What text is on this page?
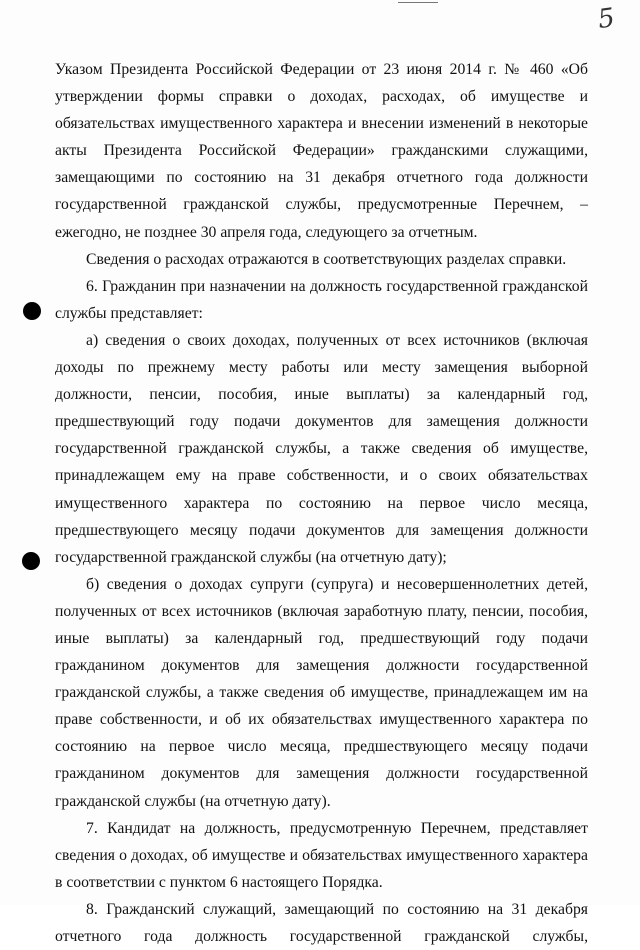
5

Указом Президента Российской Федерации от 23 июня 2014 г. № 460 «Об утверждении формы справки о доходах, расходах, об имуществе и обязательствах имущественного характера и внесении изменений в некоторые акты Президента Российской Федерации» гражданскими служащими, замещающими по состоянию на 31 декабря отчетного года должности государственной гражданской службы, предусмотренные Перечнем, – ежегодно, не позднее 30 апреля года, следующего за отчетным.

Сведения о расходах отражаются в соответствующих разделах справки.

6. Гражданин при назначении на должность государственной гражданской службы представляет:

а) сведения о своих доходах, полученных от всех источников (включая доходы по прежнему месту работы или месту замещения выборной должности, пенсии, пособия, иные выплаты) за календарный год, предшествующий году подачи документов для замещения должности государственной гражданской службы, а также сведения об имуществе, принадлежащем ему на праве собственности, и о своих обязательствах имущественного характера по состоянию на первое число месяца, предшествующего месяцу подачи документов для замещения должности государственной гражданской службы (на отчетную дату);

б) сведения о доходах супруги (супруга) и несовершеннолетних детей, полученных от всех источников (включая заработную плату, пенсии, пособия, иные выплаты) за календарный год, предшествующий году подачи гражданином документов для замещения должности государственной гражданской службы, а также сведения об имуществе, принадлежащем им на праве собственности, и об их обязательствах имущественного характера по состоянию на первое число месяца, предшествующего месяцу подачи гражданином документов для замещения должности государственной гражданской службы (на отчетную дату).

7. Кандидат на должность, предусмотренную Перечнем, представляет сведения о доходах, об имуществе и обязательствах имущественного характера в соответствии с пунктом 6 настоящего Порядка.

8. Гражданский служащий, замещающий по состоянию на 31 декабря отчетного года должность государственной гражданской службы,
